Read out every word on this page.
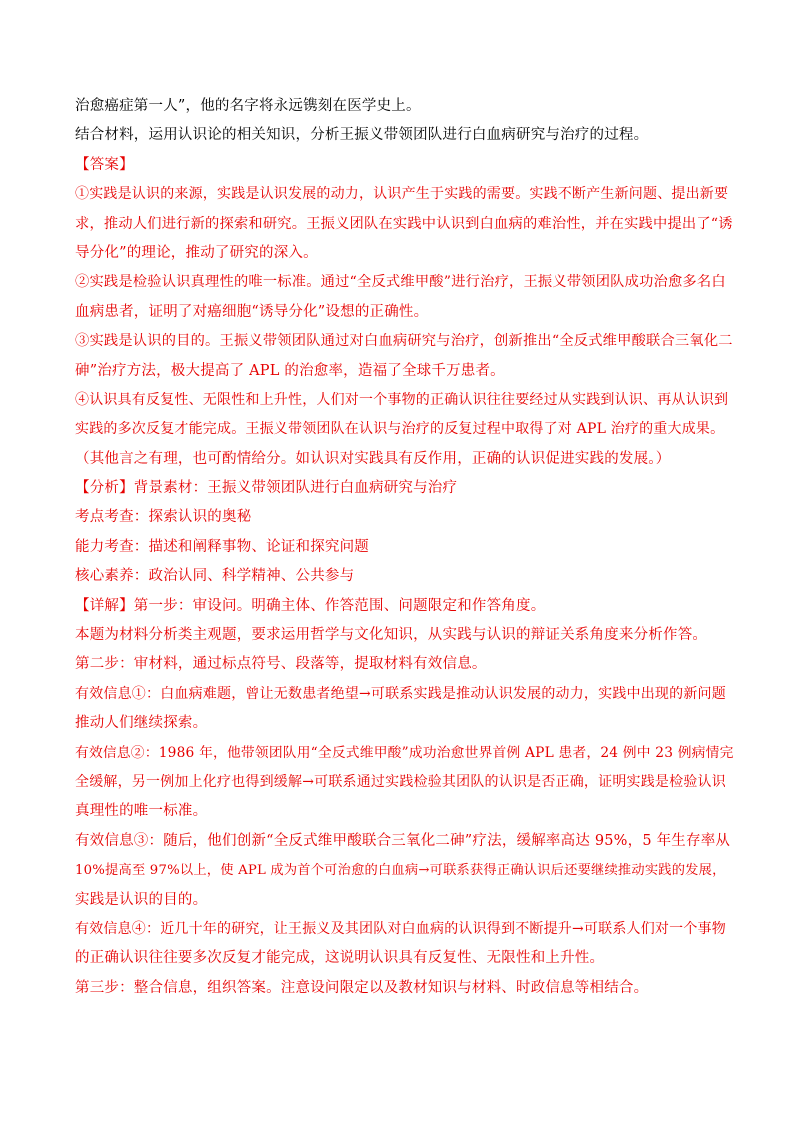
治愈癌症第一人”，他的名字将永远镌刻在医学史上。
结合材料，运用认识论的相关知识，分析王振义带领团队进行白血病研究与治疗的过程。
【答案】
①实践是认识的来源，实践是认识发展的动力，认识产生于实践的需要。实践不断产生新问题、提出新要
求，推动人们进行新的探索和研究。王振义团队在实践中认识到白血病的难治性，并在实践中提出了“诱
导分化”的理论，推动了研究的深入。
②实践是检验认识真理性的唯一标准。通过“全反式维甲酸”进行治疗，王振义带领团队成功治愈多名白
血病患者，证明了对癌细胞“诱导分化”设想的正确性。
③实践是认识的目的。王振义带领团队通过对白血病研究与治疗，创新推出“全反式维甲酸联合三氧化二
砷”治疗方法，极大提高了 APL 的治愈率，造福了全球千万患者。
④认识具有反复性、无限性和上升性，人们对一个事物的正确认识往往要经过从实践到认识、再从认识到
实践的多次反复才能完成。王振义带领团队在认识与治疗的反复过程中取得了对 APL 治疗的重大成果。
（其他言之有理，也可酌情给分。如认识对实践具有反作用，正确的认识促进实践的发展。）
【分析】背景素材：王振义带领团队进行白血病研究与治疗
考点考查：探索认识的奥秘
能力考查：描述和阐释事物、论证和探究问题
核心素养：政治认同、科学精神、公共参与
【详解】第一步：审设问。明确主体、作答范围、问题限定和作答角度。
本题为材料分析类主观题，要求运用哲学与文化知识，从实践与认识的辩证关系角度来分析作答。
第二步：审材料，通过标点符号、段落等，提取材料有效信息。
有效信息①：白血病难题，曾让无数患者绝望→可联系实践是推动认识发展的动力，实践中出现的新问题
推动人们继续探索。
有效信息②：1986 年，他带领团队用“全反式维甲酸”成功治愈世界首例 APL 患者，24 例中 23 例病情完
全缓解，另一例加上化疗也得到缓解→可联系通过实践检验其团队的认识是否正确，证明实践是检验认识
真理性的唯一标准。
有效信息③：随后，他们创新“全反式维甲酸联合三氧化二砷”疗法，缓解率高达 95%，5 年生存率从
10%提高至 97%以上，使 APL 成为首个可治愈的白血病→可联系获得正确认识后还要继续推动实践的发展，
实践是认识的目的。
有效信息④：近几十年的研究，让王振义及其团队对白血病的认识得到不断提升→可联系人们对一个事物
的正确认识往往要多次反复才能完成，这说明认识具有反复性、无限性和上升性。
第三步：整合信息，组织答案。注意设问限定以及教材知识与材料、时政信息等相结合。
